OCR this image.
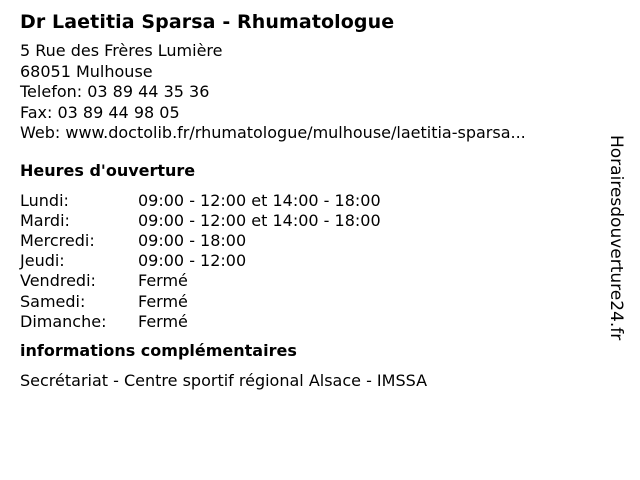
Dr Laetitia Sparsa - Rhumatologue
5 Rue des Frères Lumière
68051 Mulhouse
Telefon: 03 89 44 35 36
Fax: 03 89 44 98 05
Web: www.doctolib.fr/rhumatologue/mulhouse/laetitia-sparsa...
Heures d'ouverture
Lundi:	09:00 - 12:00 et 14:00 - 18:00
Mardi:	09:00 - 12:00 et 14:00 - 18:00
Mercredi:	09:00 - 18:00
Jeudi:	09:00 - 12:00
Vendredi:	Fermé
Samedi:	Fermé
Dimanche:	Fermé
informations complémentaires
Secrétariat - Centre sportif régional Alsace - IMSSA
Horairesdouverture24.fr
